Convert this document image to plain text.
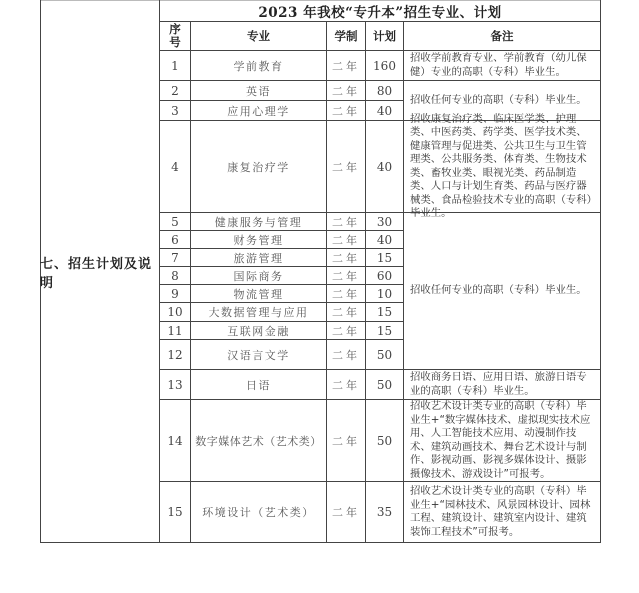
七、招生计划及说明
2023 年我校“专升本”招生专业、计划
序号	专业	学制	计划	备注
1	学前教育	二年	160
招收学前教育专业、学前教育（幼儿保健）专业的高职（专科）毕业生。
2	英语	二年	80
3	应用心理学	二年	40
招收任何专业的高职（专科）毕业生。
4	康复治疗学	二年	40
招收康复治疗类、临床医学类、护理类、中医药类、药学类、医学技术类、健康管理与促进类、公共卫生与卫生管理类、公共服务类、体育类、生物技术类、畜牧业类、眼视光类、药品制造类、人口与计划生育类、药品与医疗器械类、食品检验技术专业的高职（专科）毕业生。
5	健康服务与管理	二年	30
6	财务管理	二年	40
7	旅游管理	二年	15
8	国际商务	二年	60
9	物流管理	二年	10
10	大数据管理与应用	二年	15
11	互联网金融	二年	15
12	汉语言文学	二年	50
招收任何专业的高职（专科）毕业生。
13	日语	二年	50
招收商务日语、应用日语、旅游日语专业的高职（专科）毕业生。
14	数字媒体艺术（艺术类） 二年	50
招收艺术设计类专业的高职（专科）毕业生+“数字媒体技术、虚拟现实技术应用、人工智能技术应用、动漫制作技术、建筑动画技术、舞台艺术设计与制作、影视动画、影视多媒体设计、摄影摄像技术、游戏设计”可报考。
15	环境设计（艺术类）	二年	35
招收艺术设计类专业的高职（专科）毕业生+“园林技术、风景园林设计、园林工程、建筑设计、建筑室内设计、建筑装饰工程技术”可报考。
